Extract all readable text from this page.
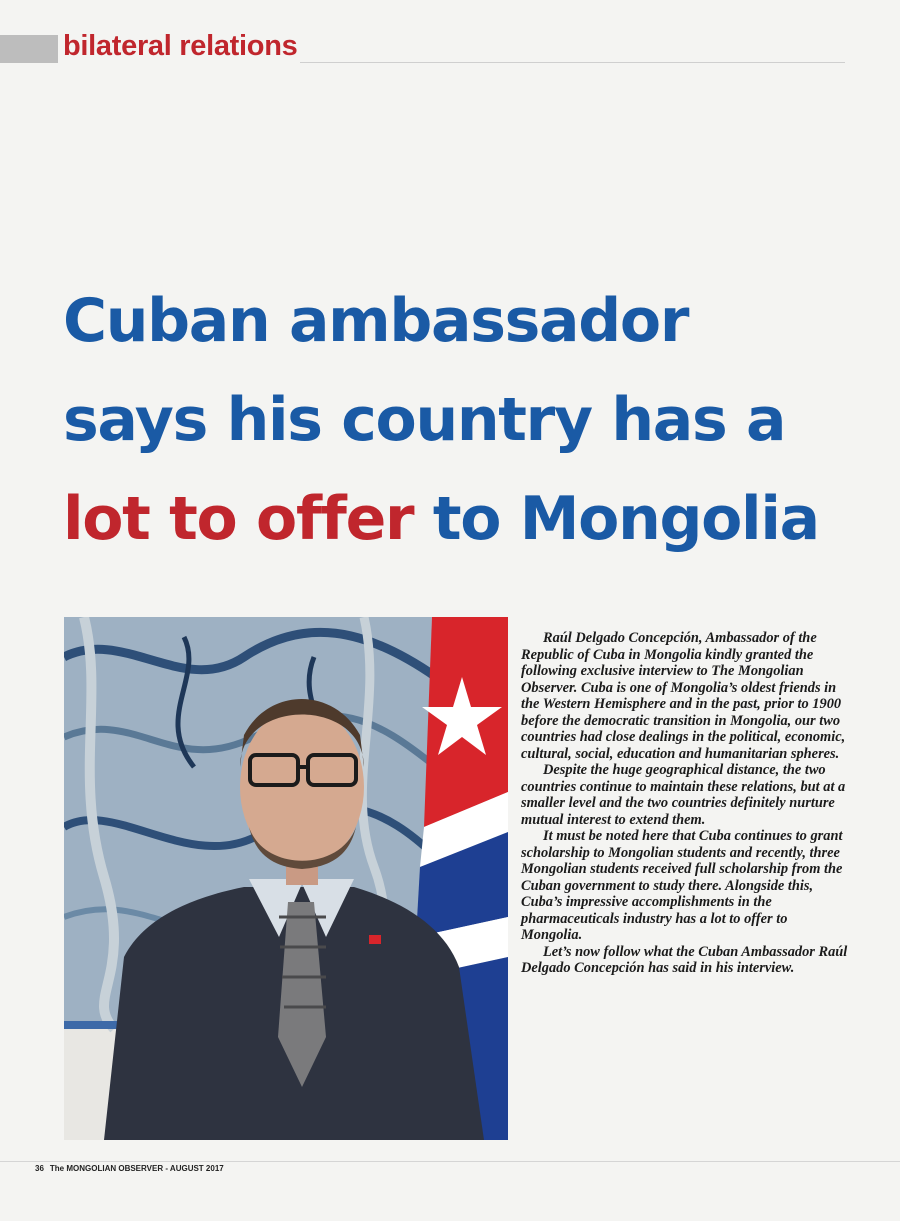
bilateral relations
Cuban ambassador
says his country has a
lot to offer to Mongolia

Raúl Delgado Concepción, Ambassador of the Republic of Cuba in Mongolia kindly granted the following exclusive interview to The Mongolian Observer. Cuba is one of Mongolia’s oldest friends in the Western Hemisphere and in the past, prior to 1900 before the democratic transition in Mongolia, our two countries had close dealings in the political, economic, cultural, social, education and humanitarian spheres.

Despite the huge geographical distance, the two countries continue to maintain these relations, but at a smaller level and the two countries definitely nurture mutual interest to extend them.

It must be noted here that Cuba continues to grant scholarship to Mongolian students and recently, three Mongolian students received full scholarship from the Cuban government to study there. Alongside this, Cuba’s impressive accomplishments in the pharmaceuticals industry has a lot to offer to Mongolia.

Let’s now follow what the Cuban Ambassador Raúl Delgado Concepción has said in his interview.

36 The MONGOLIAN OBSERVER - AUGUST 2017
